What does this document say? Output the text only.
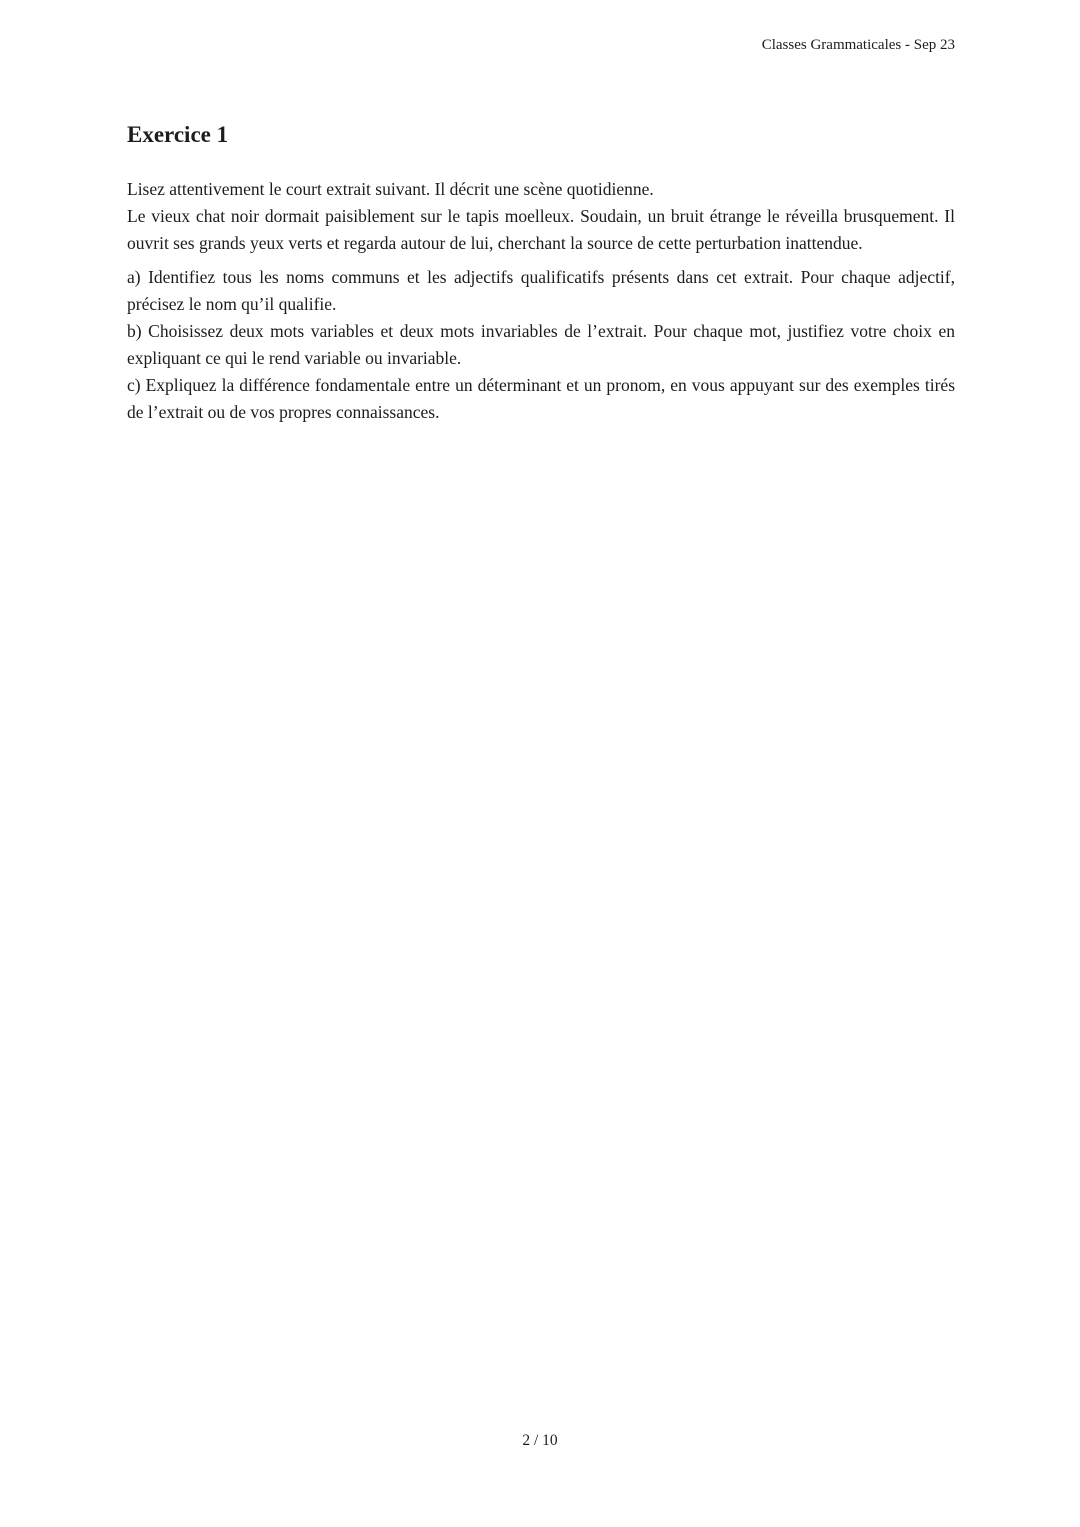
Classes Grammaticales - Sep 23
Exercice 1

Lisez attentivement le court extrait suivant. Il décrit une scène quotidienne.

Le vieux chat noir dormait paisiblement sur le tapis moelleux. Soudain, un bruit étrange le réveilla brusquement. Il ouvrit ses grands yeux verts et regarda autour de lui, cherchant la source de cette perturbation inattendue.

a) Identifiez tous les noms communs et les adjectifs qualificatifs présents dans cet extrait. Pour chaque adjectif, précisez le nom qu’il qualifie.

b) Choisissez deux mots variables et deux mots invariables de l’extrait. Pour chaque mot, justifiez votre choix en expliquant ce qui le rend variable ou invariable.

c) Expliquez la différence fondamentale entre un déterminant et un pronom, en vous appuyant sur des exemples tirés de l’extrait ou de vos propres connaissances.

2 / 10
